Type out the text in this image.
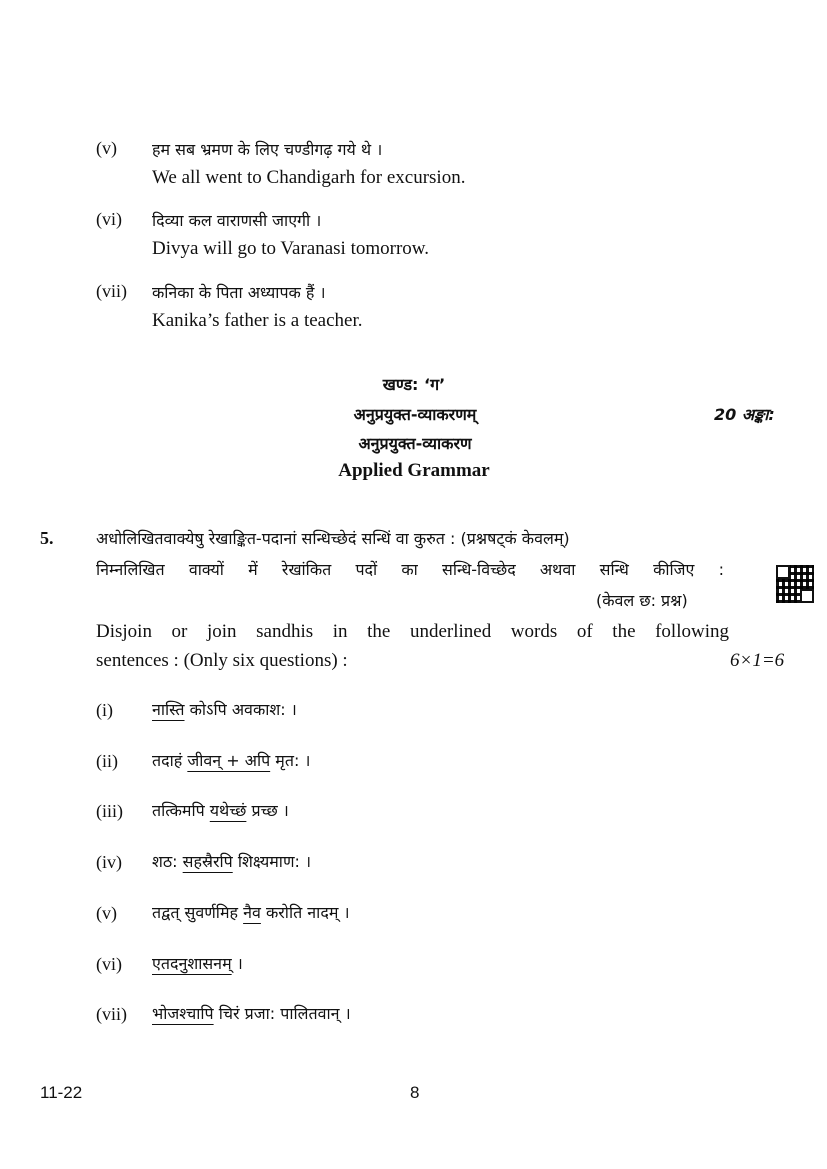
(v) हम सब भ्रमण के लिए चण्डीगढ़ गये थे ।
We all went to Chandigarh for excursion.
(vi) दिव्या कल वाराणसी जाएगी ।
Divya will go to Varanasi tomorrow.
(vii) कनिका के पिता अध्यापक हैं ।
Kanika’s father is a teacher.
खण्ड: ‘ग’
अनुप्रयुक्त-व्याकरणम्	20 अङ्का:
अनुप्रयुक्त-व्याकरण
Applied Grammar
5.	अधोलिखितवाक्येषु रेखाङ्कित-पदानां सन्धिच्छेदं सन्धिं वा कुरुत : (प्रश्नषट्कं केवलम्)
निम्नलिखित वाक्यों में रेखांकित पदों का सन्धि-विच्छेद अथवा सन्धि कीजिए :
(केवल छ: प्रश्न)
Disjoin or join sandhis in the underlined words of the following
sentences : (Only six questions) :	6×1=6
(i) नास्ति कोऽपि अवकाश: ।
(ii) तदाहं जीवन् + अपि मृत: ।
(iii) तत्किमपि यथेच्छं प्रच्छ ।
(iv) शठ: सहस्रैरपि शिक्ष्यमाण: ।
(v) तद्वत् सुवर्णमिह नैव करोति नादम् ।
(vi) एतदनुशासनम् ।
(vii) भोजश्चापि चिरं प्रजा: पालितवान् ।
11-22	8
